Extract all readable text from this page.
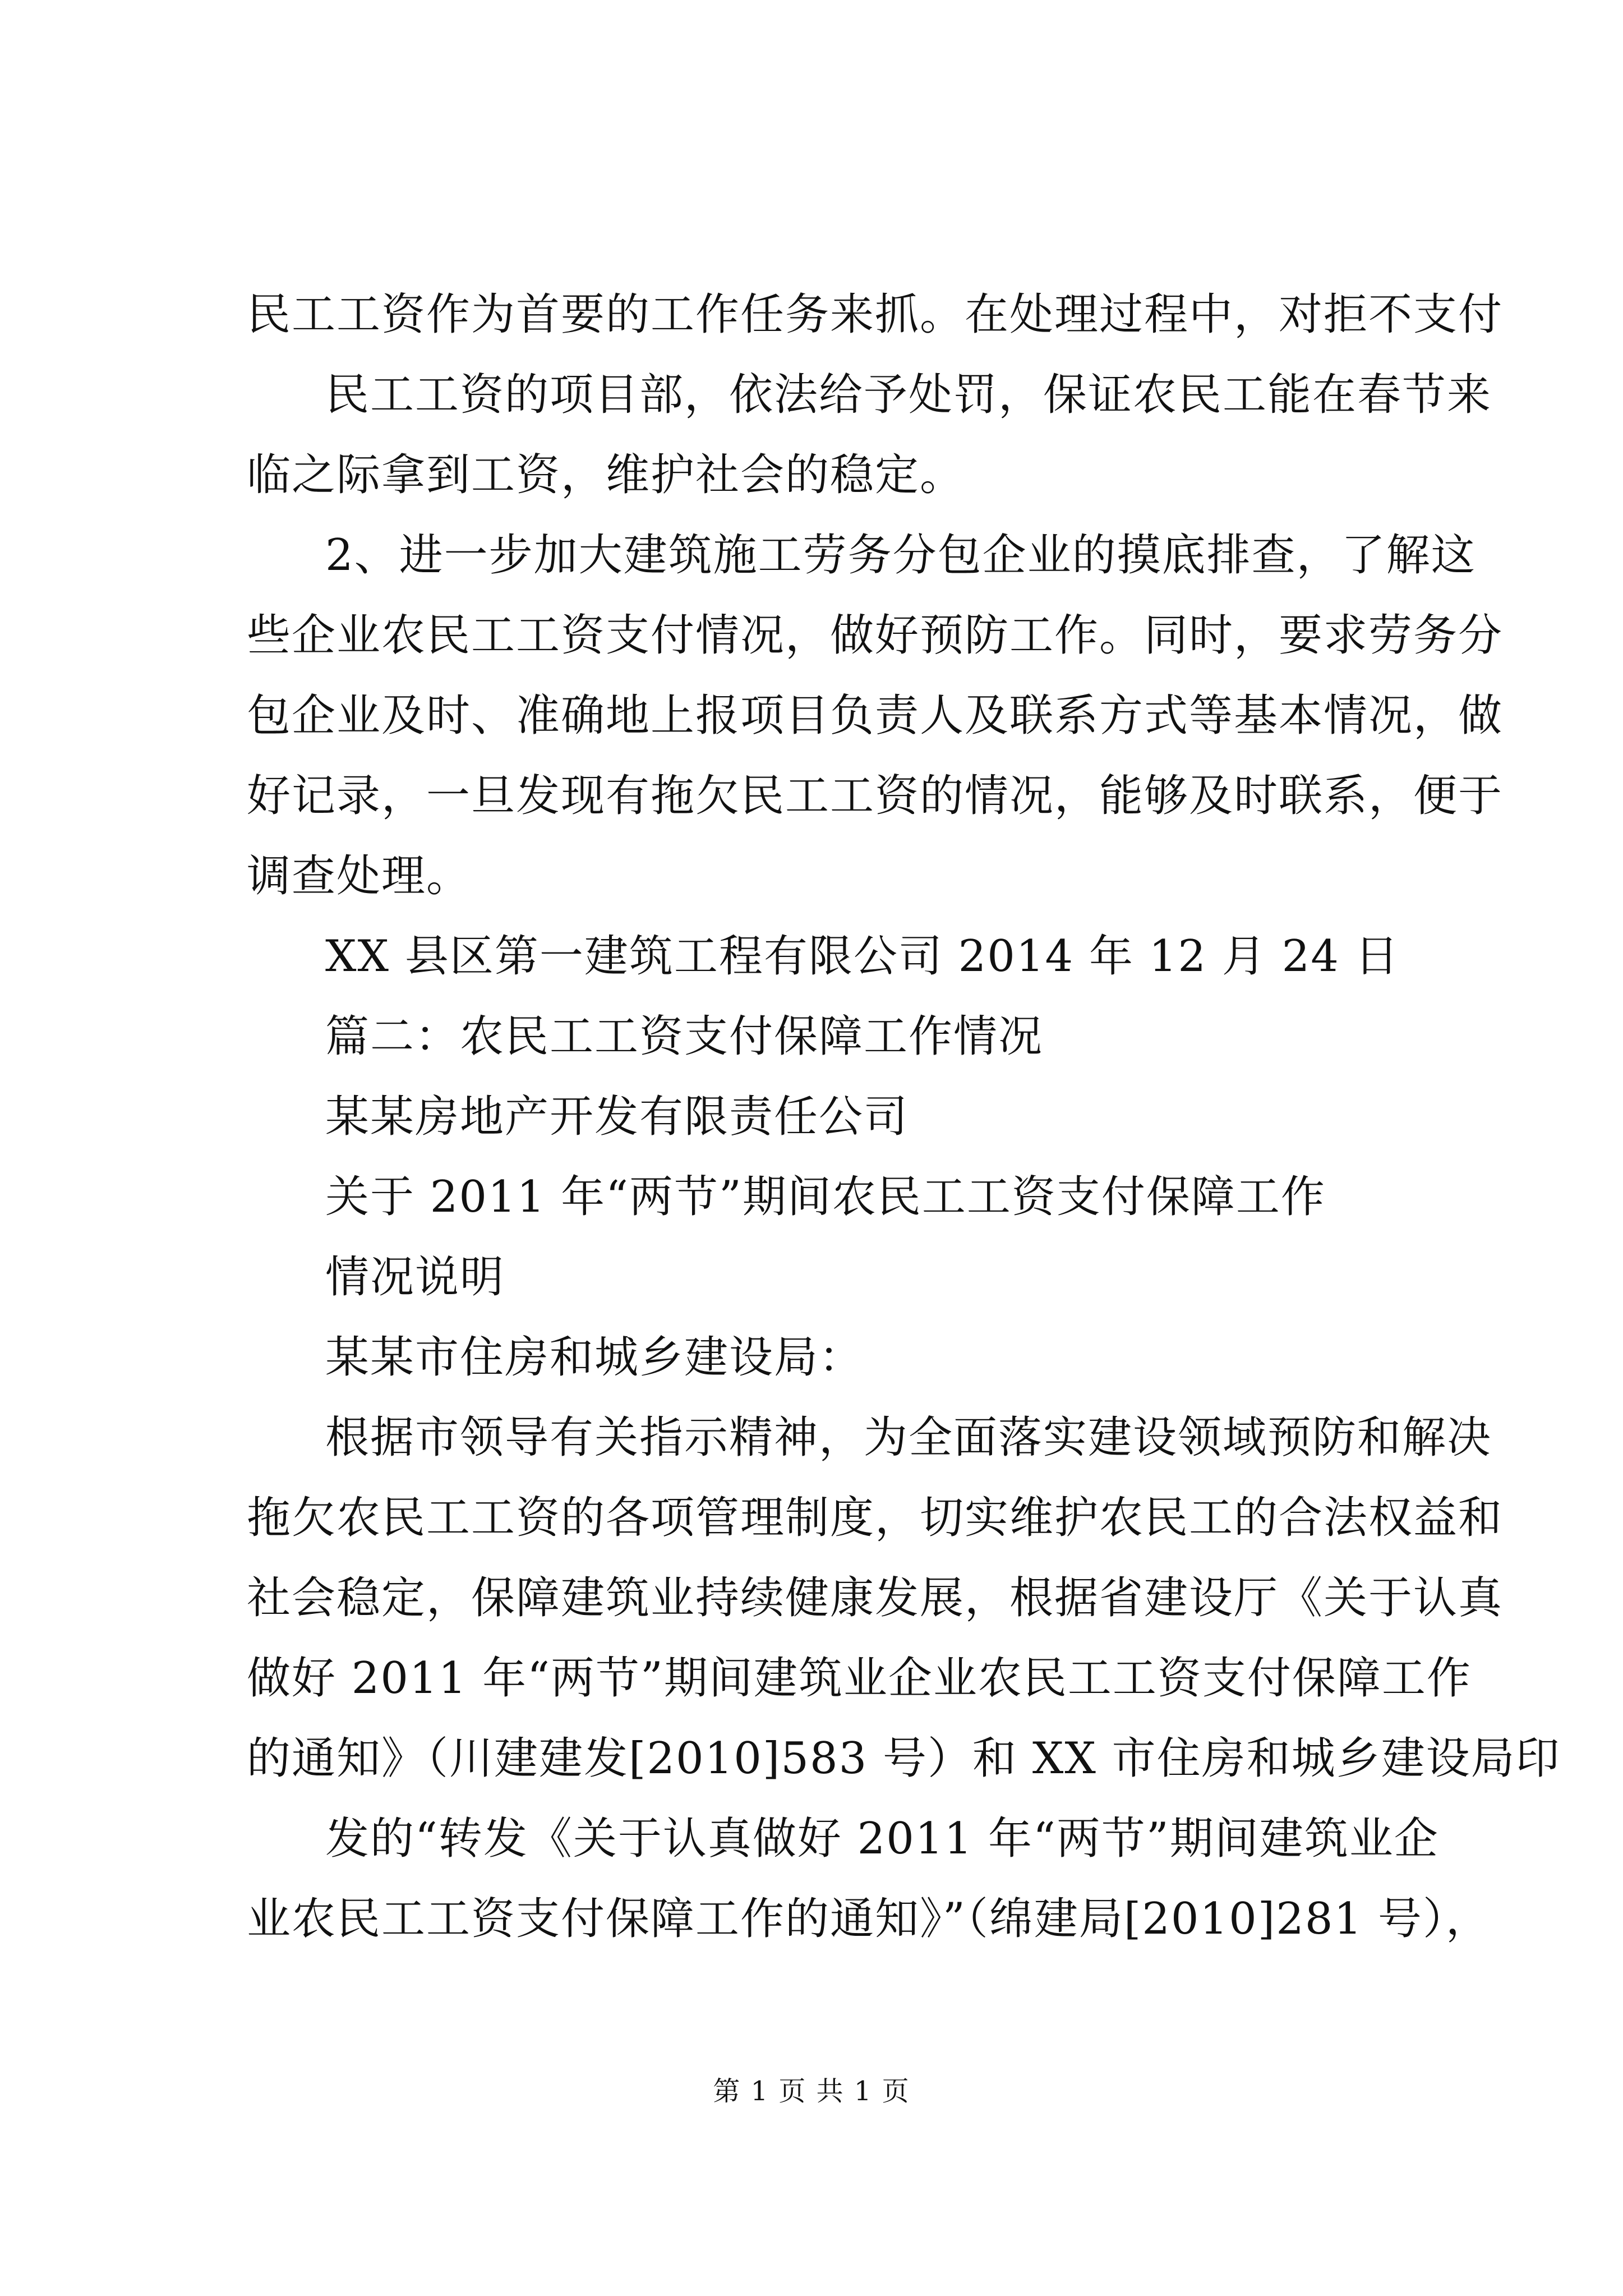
民工工资作为首要的工作任务来抓。在处理过程中，对拒不支付
民工工资的项目部，依法给予处罚，保证农民工能在春节来
临之际拿到工资，维护社会的稳定。
2、进一步加大建筑施工劳务分包企业的摸底排查，了解这
些企业农民工工资支付情况，做好预防工作。同时，要求劳务分
包企业及时、准确地上报项目负责人及联系方式等基本情况，做
好记录，一旦发现有拖欠民工工资的情况，能够及时联系，便于
调查处理。
XX 县区第一建筑工程有限公司 2014 年 12 月 24 日
篇二：农民工工资支付保障工作情况
某某房地产开发有限责任公司
关于 2011 年“两节”期间农民工工资支付保障工作
情况说明
某某市住房和城乡建设局：
根据市领导有关指示精神，为全面落实建设领域预防和解决
拖欠农民工工资的各项管理制度，切实维护农民工的合法权益和
社会稳定，保障建筑业持续健康发展，根据省建设厅《关于认真
做好 2011 年“两节”期间建筑业企业农民工工资支付保障工作
的通知》（川建建发[2010]583 号）和 XX 市住房和城乡建设局印
发的“转发《关于认真做好 2011 年“两节”期间建筑业企
业农民工工资支付保障工作的通知》”（绵建局[2010]281 号），
第 1 页 共 1 页
